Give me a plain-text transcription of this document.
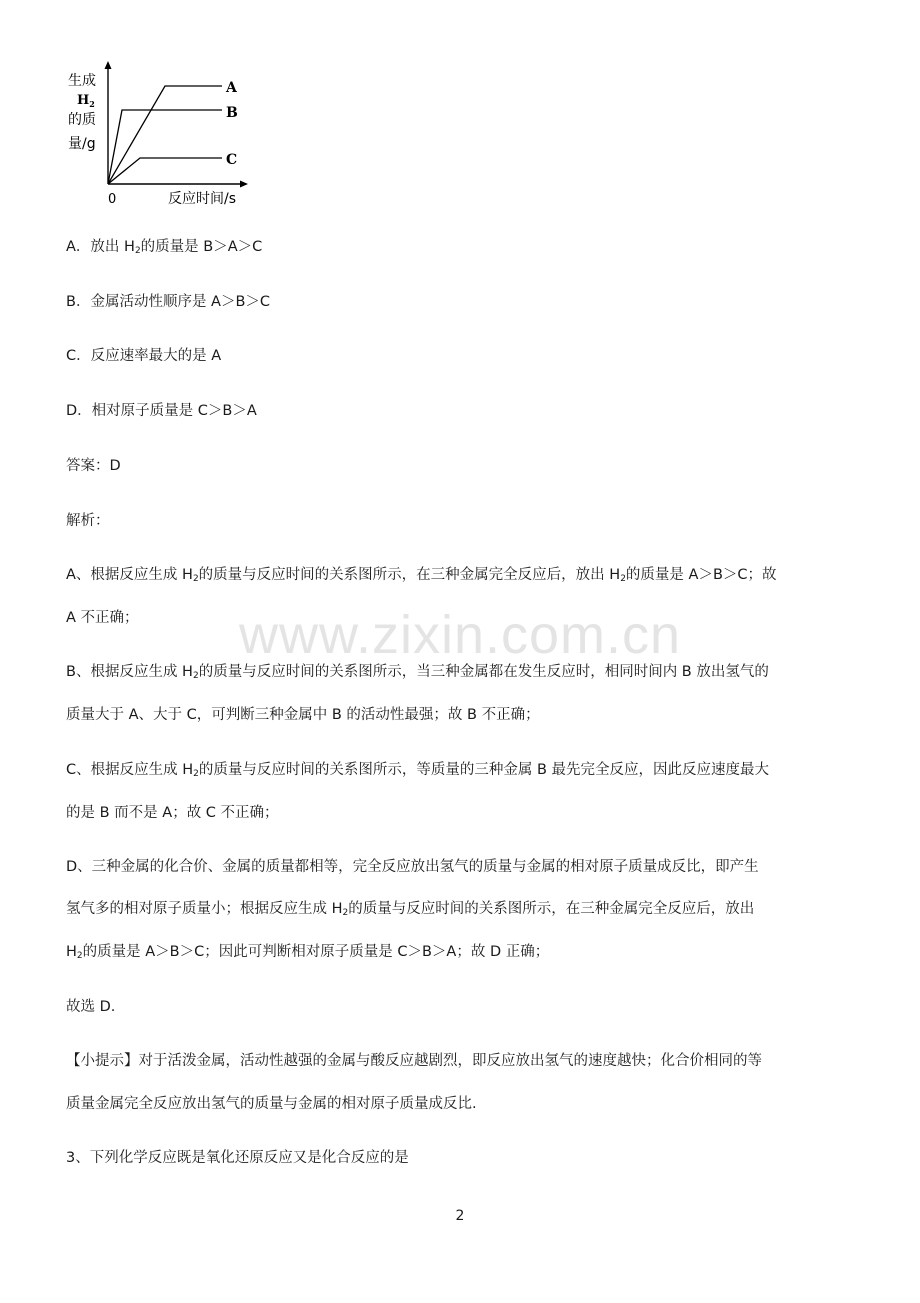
www.zixin.com.cn
生成
$H_2$
的质
量/g
A
B
C
0	反应时间/s
A．放出 $H_2$的质量是 B＞A＞C
B．金属活动性顺序是 A＞B＞C
C．反应速率最大的是 A
D．相对原子质量是 C＞B＞A
答案：D
解析：
A、根据反应生成 $H_2$的质量与反应时间的关系图所示，在三种金属完全反应后，放出 $H_2$的质量是 A＞B＞C；故
A 不正确；
B、根据反应生成 $H_2$的质量与反应时间的关系图所示，当三种金属都在发生反应时，相同时间内 B 放出氢气的
质量大于 A、大于 C，可判断三种金属中 B 的活动性最强；故 B 不正确；
C、根据反应生成 $H_2$的质量与反应时间的关系图所示，等质量的三种金属 B 最先完全反应，因此反应速度最大
的是 B 而不是 A；故 C 不正确；
D、三种金属的化合价、金属的质量都相等，完全反应放出氢气的质量与金属的相对原子质量成反比，即产生
氢气多的相对原子质量小；根据反应生成 $H_2$的质量与反应时间的关系图所示，在三种金属完全反应后，放出
$H_2$的质量是 A＞B＞C；因此可判断相对原子质量是 C＞B＞A；故 D 正确；
故选 D.
【小提示】对于活泼金属，活动性越强的金属与酸反应越剧烈，即反应放出氢气的速度越快；化合价相同的等
质量金属完全反应放出氢气的质量与金属的相对原子质量成反比.
3、下列化学反应既是氧化还原反应又是化合反应的是
2
